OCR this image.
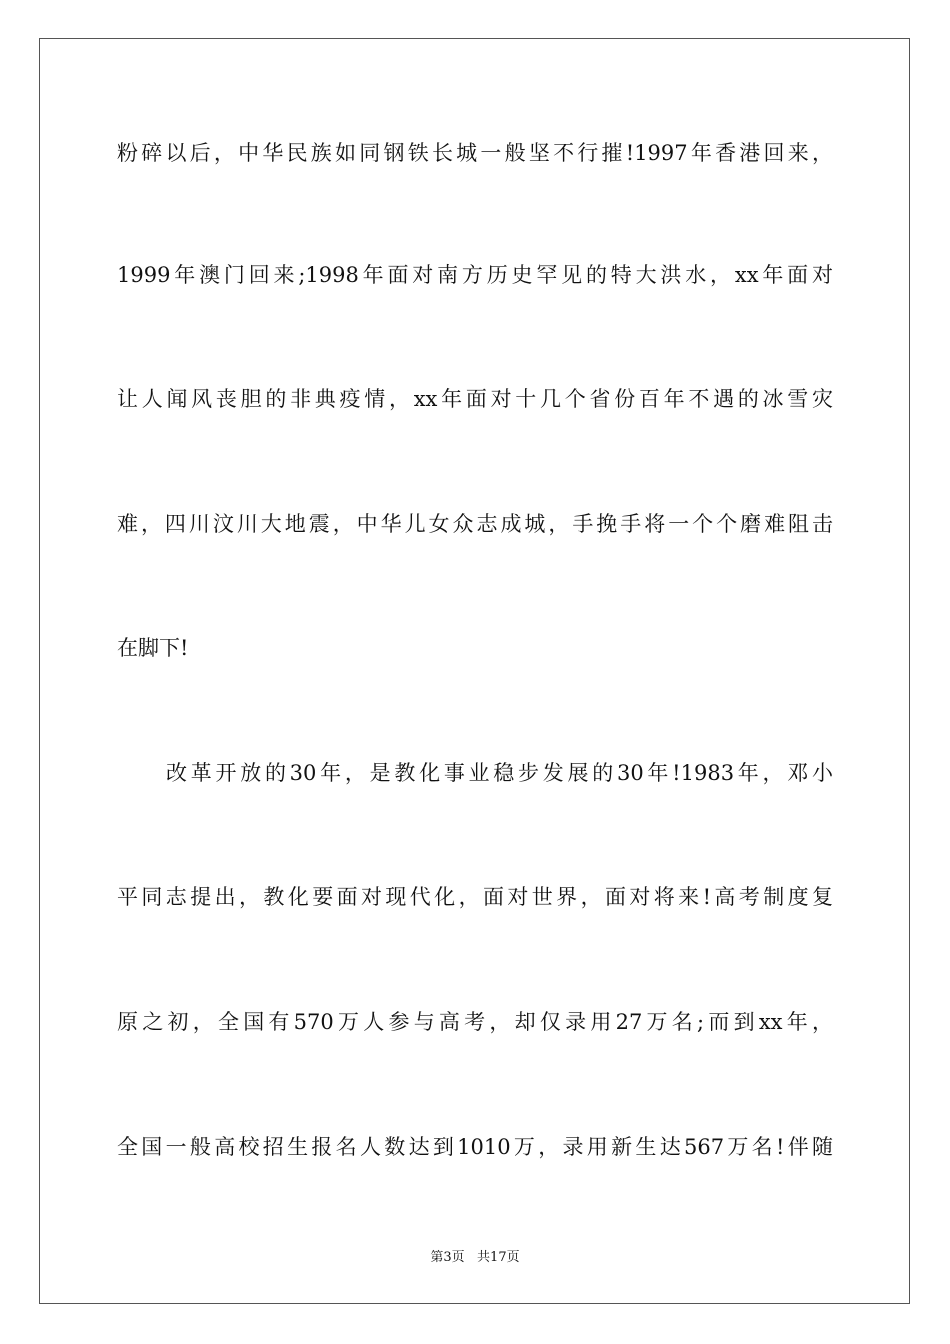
粉碎以后，中华民族如同钢铁长城一般坚不行摧!1997年香港回来，
1999年澳门回来;1998年面对南方历史罕见的特大洪水，xx年面对
让人闻风丧胆的非典疫情，xx年面对十几个省份百年不遇的冰雪灾
难，四川汶川大地震，中华儿女众志成城，手挽手将一个个磨难阻击
在脚下!
改革开放的30年，是教化事业稳步发展的30年!1983年，邓小
平同志提出，教化要面对现代化，面对世界，面对将来!高考制度复
原之初，全国有570万人参与高考，却仅录用27万名;而到xx年，
全国一般高校招生报名人数达到1010万，录用新生达567万名!伴随
第3页   共17页
